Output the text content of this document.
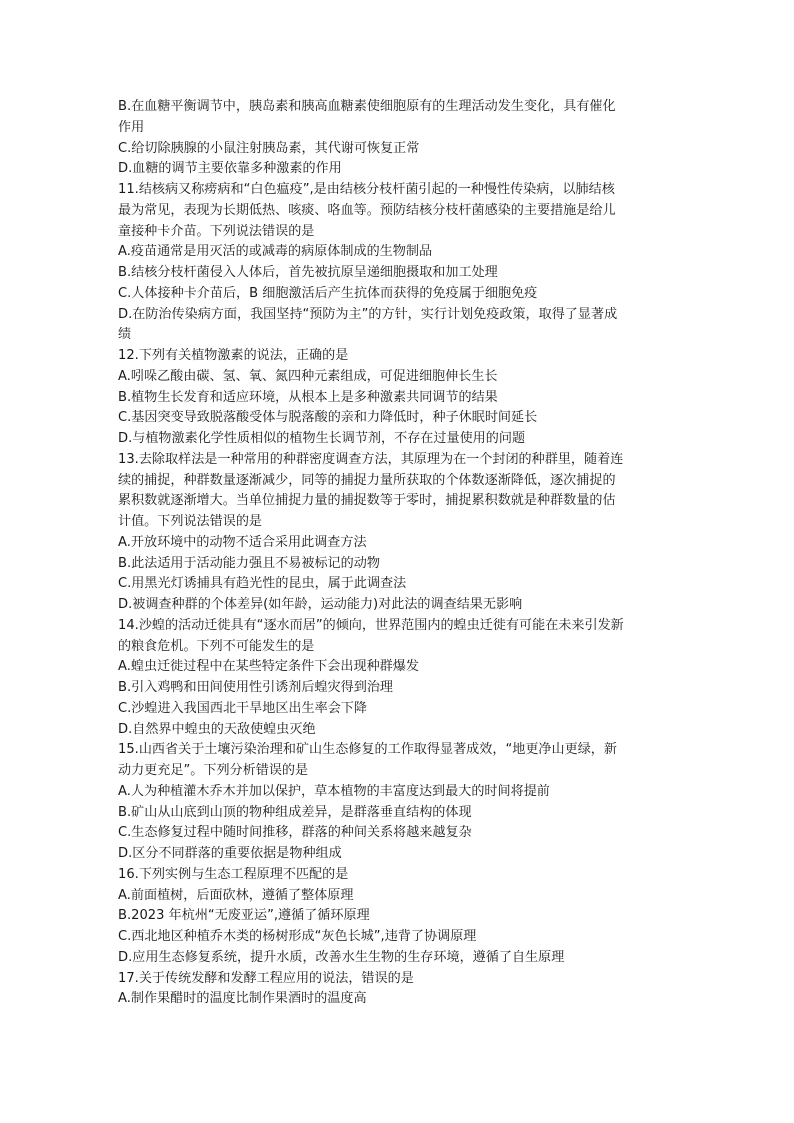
B.在血糖平衡调节中，胰岛素和胰高血糖素使细胞原有的生理活动发生变化，具有催化
作用
C.给切除胰腺的小鼠注射胰岛素，其代谢可恢复正常
D.血糖的调节主要依靠多种激素的作用
11.结核病又称痨病和“白色瘟疫”,是由结核分枝杆菌引起的一种慢性传染病，以肺结核
最为常见，表现为长期低热、咳痰、咯血等。预防结核分枝杆菌感染的主要措施是给儿
童接种卡介苗。下列说法错误的是
A.疫苗通常是用灭活的或减毒的病原体制成的生物制品
B.结核分枝杆菌侵入人体后，首先被抗原呈递细胞摄取和加工处理
C.人体接种卡介苗后，B 细胞激活后产生抗体而获得的免疫属于细胞免疫
D.在防治传染病方面，我国坚持“预防为主”的方针，实行计划免疫政策，取得了显著成
绩
12.下列有关植物激素的说法，正确的是
A.吲哚乙酸由碳、氢、氧、氮四种元素组成，可促进细胞伸长生长
B.植物生长发育和适应环境，从根本上是多种激素共同调节的结果
C.基因突变导致脱落酸受体与脱落酸的亲和力降低时，种子休眠时间延长
D.与植物激素化学性质相似的植物生长调节剂，不存在过量使用的问题
13.去除取样法是一种常用的种群密度调查方法，其原理为在一个封闭的种群里，随着连
续的捕捉，种群数量逐渐减少，同等的捕捉力量所获取的个体数逐渐降低，逐次捕捉的
累积数就逐渐增大。当单位捕捉力量的捕捉数等于零时，捕捉累积数就是种群数量的估
计值。下列说法错误的是
A.开放环境中的动物不适合采用此调查方法
B.此法适用于活动能力强且不易被标记的动物
C.用黑光灯诱捕具有趋光性的昆虫，属于此调查法
D.被调查种群的个体差异(如年龄，运动能力)对此法的调查结果无影响
14.沙蝗的活动迁徙具有“逐水而居”的倾向，世界范围内的蝗虫迁徙有可能在未来引发新
的粮食危机。下列不可能发生的是
A.蝗虫迁徙过程中在某些特定条件下会出现种群爆发
B.引入鸡鸭和田间使用性引诱剂后蝗灾得到治理
C.沙蝗进入我国西北干旱地区出生率会下降
D.自然界中蝗虫的天敌使蝗虫灭绝
15.山西省关于土壤污染治理和矿山生态修复的工作取得显著成效，“地更净山更绿，新
动力更充足”。下列分析错误的是
A.人为种植灌木乔木并加以保护，草本植物的丰富度达到最大的时间将提前
B.矿山从山底到山顶的物种组成差异，是群落垂直结构的体现
C.生态修复过程中随时间推移，群落的种间关系将越来越复杂
D.区分不同群落的重要依据是物种组成
16.下列实例与生态工程原理不匹配的是
A.前面植树，后面砍林，遵循了整体原理
B.2023 年杭州“无废亚运”,遵循了循环原理
C.西北地区种植乔木类的杨树形成“灰色长城”,违背了协调原理
D.应用生态修复系统，提升水质，改善水生生物的生存环境，遵循了自生原理
17.关于传统发酵和发酵工程应用的说法，错误的是
A.制作果醋时的温度比制作果酒时的温度高
